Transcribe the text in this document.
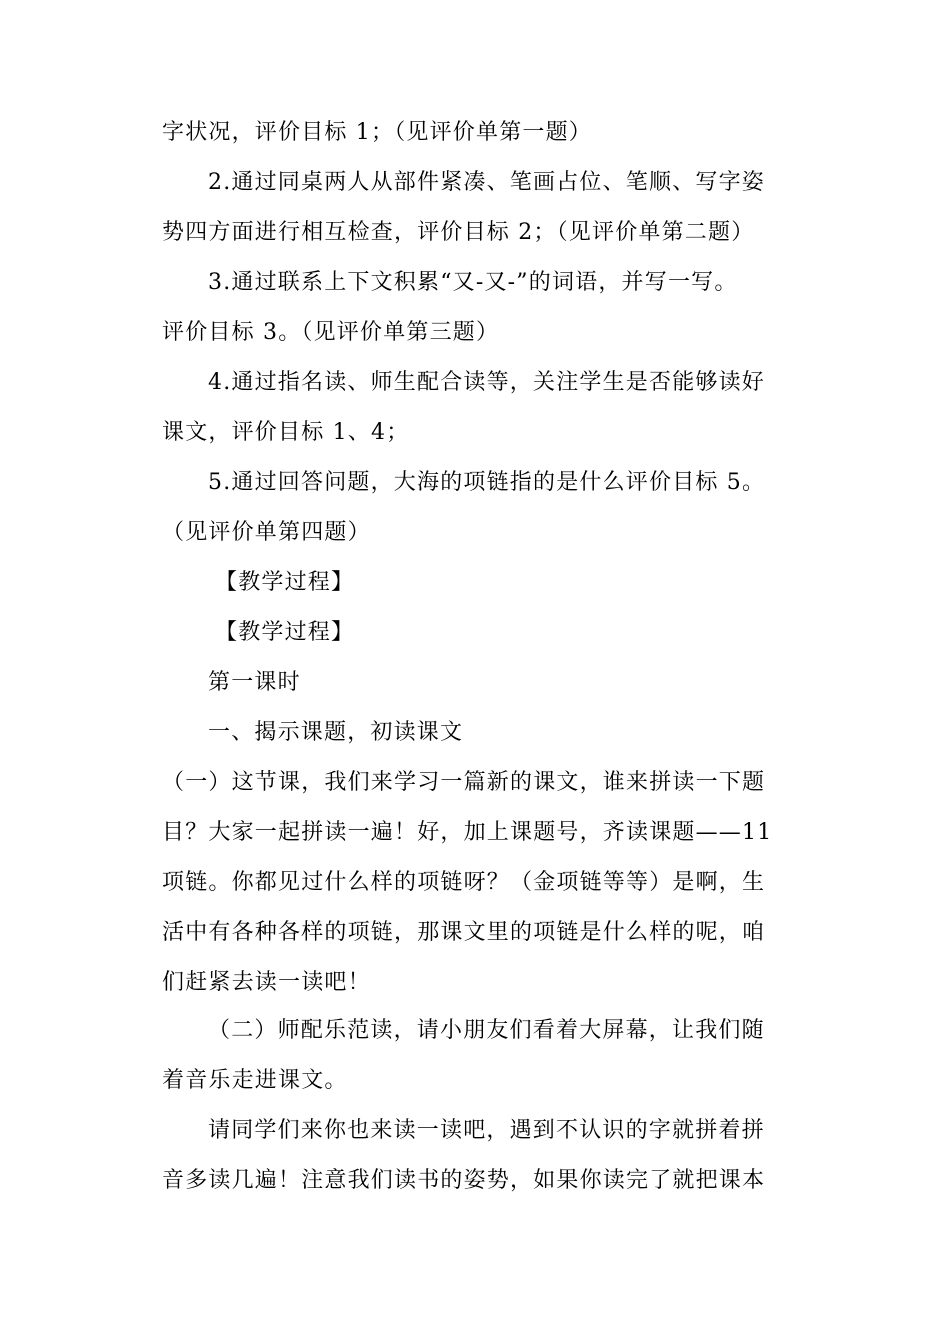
字状况，评价目标 1；（见评价单第一题）
2.通过同桌两人从部件紧凑、笔画占位、笔顺、写字姿
势四方面进行相互检查，评价目标 2；（见评价单第二题）
3.通过联系上下文积累“又-又-”的词语，并写一写。
评价目标 3。（见评价单第三题）
4.通过指名读、师生配合读等，关注学生是否能够读好
课文，评价目标 1、4；
5.通过回答问题，大海的项链指的是什么评价目标 5。
（见评价单第四题）
【教学过程】
【教学过程】
第一课时
一、揭示课题，初读课文
（一）这节课，我们来学习一篇新的课文，谁来拼读一下题
目？大家一起拼读一遍！好，加上课题号，齐读课题——11
项链。你都见过什么样的项链呀？（金项链等等）是啊，生
活中有各种各样的项链，那课文里的项链是什么样的呢，咱
们赶紧去读一读吧！
（二）师配乐范读，请小朋友们看着大屏幕，让我们随
着音乐走进课文。
请同学们来你也来读一读吧，遇到不认识的字就拼着拼
音多读几遍！注意我们读书的姿势，如果你读完了就把课本
